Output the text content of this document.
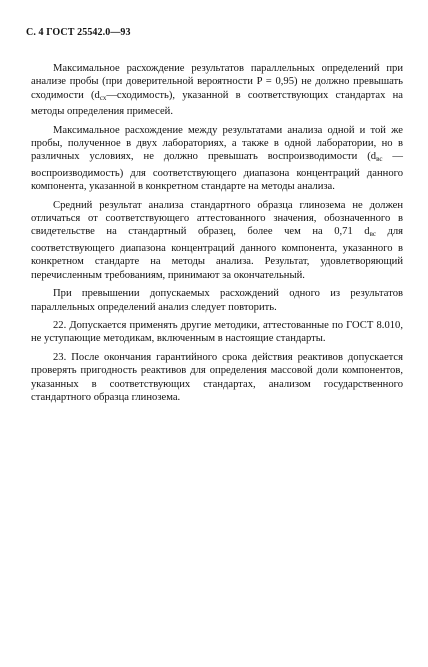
С. 4 ГОСТ 25542.0—93

Максимальное расхождение результатов параллельных определений при анализе пробы (при доверительной вероятности P = 0,95) не должно превышать сходимости $(d_{сх}—сходимость)$, указанной в соответствующих стандартах на методы определения примесей.

Максимальное расхождение между результатами анализа одной и той же пробы, полученное в двух лабораториях, а также в одной лаборатории, но в различных условиях, не должно превышать воспроизводимости ($d_{вс}$ — воспроизводимость) для соответствующего диапазона концентраций данного компонента, указанной в конкретном стандарте на методы анализа.

Средний результат анализа стандартного образца глинозема не должен отличаться от соответствующего аттестованного значения, обозначенного в свидетельстве на стандартный образец, более чем на 0,71 $d_{вс}$ для соответствующего диапазона концентраций данного компонента, указанного в конкретном стандарте на методы анализа. Результат, удовлетворяющий перечисленным требованиям, принимают за окончательный.

При превышении допускаемых расхождений одного из результатов параллельных определений анализ следует повторить.

22. Допускается применять другие методики, аттестованные по ГОСТ 8.010, не уступающие методикам, включенным в настоящие стандарты.

23. После окончания гарантийного срока действия реактивов допускается проверять пригодность реактивов для определения массовой доли компонентов, указанных в соответствующих стандартах, анализом государственного стандартного образца глинозема.
